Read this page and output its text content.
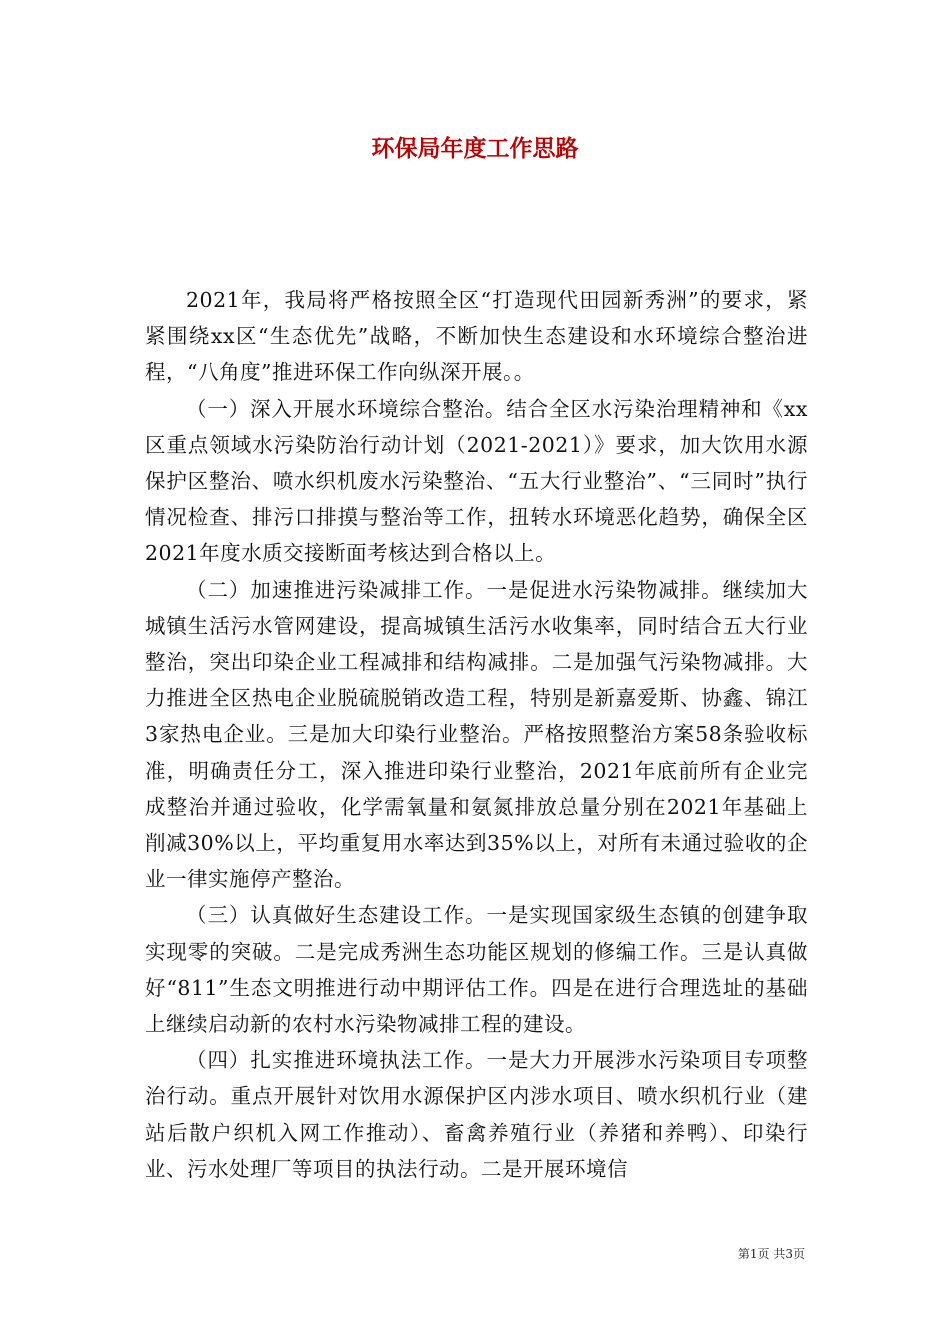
环保局年度工作思路

2021年，我局将严格按照全区“打造现代田园新秀洲”的要求，紧紧围绕xx区“生态优先”战略，不断加快生态建设和水环境综合整治进程，“八角度”推进环保工作向纵深开展。。

（一）深入开展水环境综合整治。结合全区水污染治理精神和《xx区重点领域水污染防治行动计划（2021-2021）》要求，加大饮用水源保护区整治、喷水织机废水污染整治、“五大行业整治”、“三同时”执行情况检查、排污口排摸与整治等工作，扭转水环境恶化趋势，确保全区2021年度水质交接断面考核达到合格以上。

（二）加速推进污染减排工作。一是促进水污染物减排。继续加大城镇生活污水管网建设，提高城镇生活污水收集率，同时结合五大行业整治，突出印染企业工程减排和结构减排。二是加强气污染物减排。大力推进全区热电企业脱硫脱销改造工程，特别是新嘉爱斯、协鑫、锦江3家热电企业。三是加大印染行业整治。严格按照整治方案58条验收标准，明确责任分工，深入推进印染行业整治，2021年底前所有企业完成整治并通过验收，化学需氧量和氨氮排放总量分别在2021年基础上削减30%以上，平均重复用水率达到35%以上，对所有未通过验收的企业一律实施停产整治。

（三）认真做好生态建设工作。一是实现国家级生态镇的创建争取实现零的突破。二是完成秀洲生态功能区规划的修编工作。三是认真做好“811”生态文明推进行动中期评估工作。四是在进行合理选址的基础上继续启动新的农村水污染物减排工程的建设。

（四）扎实推进环境执法工作。一是大力开展涉水污染项目专项整治行动。重点开展针对饮用水源保护区内涉水项目、喷水织机行业（建站后散户织机入网工作推动）、畜禽养殖行业（养猪和养鸭）、印染行业、污水处理厂等项目的执法行动。二是开展环境信

第1页 共3页
